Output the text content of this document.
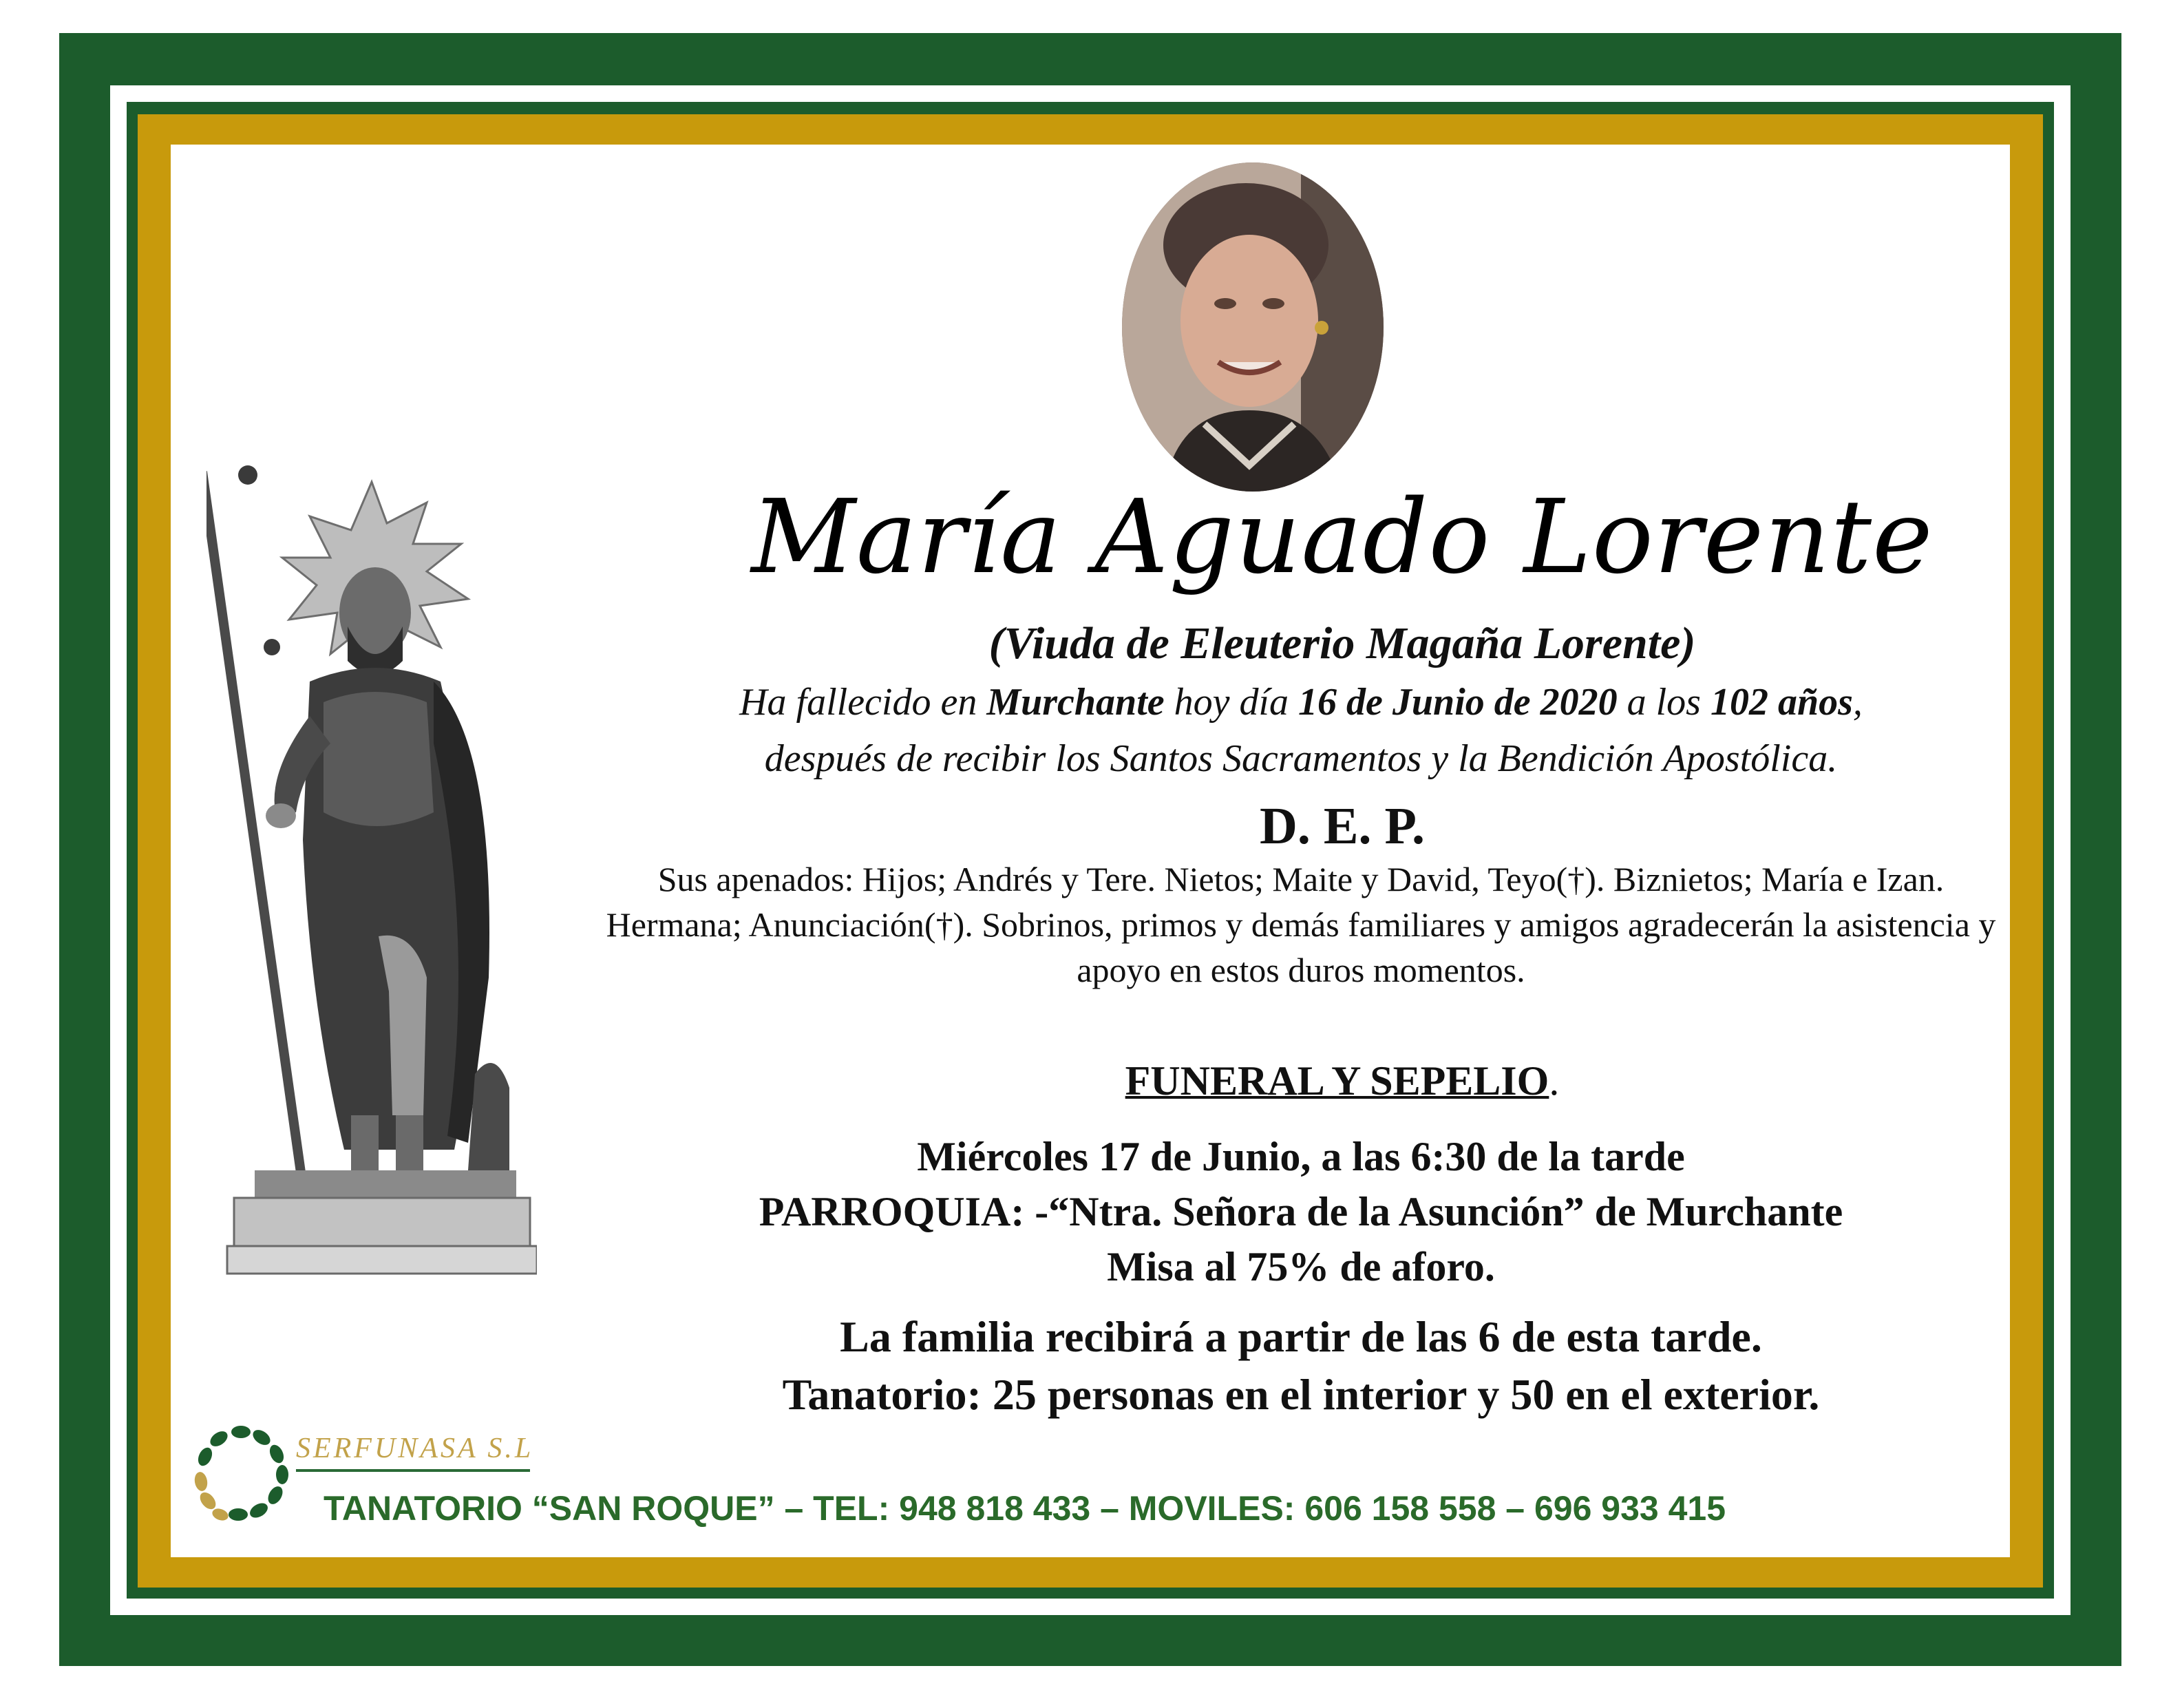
María Aguado Lorente
(Viuda de Eleuterio Magaña Lorente)
Ha fallecido en Murchante hoy día 16 de Junio de 2020 a los 102 años,
después de recibir los Santos Sacramentos y la Bendición Apostólica.
D. E. P.
Sus apenados: Hijos; Andrés y Tere. Nietos; Maite y David, Teyo(†). Biznietos; María e Izan. Hermana; Anunciación(†). Sobrinos, primos y demás familiares y amigos agradecerán la asistencia y apoyo en estos duros momentos.
FUNERAL Y SEPELIO.
Miércoles 17 de Junio, a las 6:30 de la tarde
PARROQUIA: -“Ntra. Señora de la Asunción” de Murchante
Misa al 75% de aforo.
La familia recibirá a partir de las 6 de esta tarde.
Tanatorio: 25 personas en el interior y 50 en el exterior.
SERFUNASA S.L
TANATORIO “SAN ROQUE” – TEL: 948 818 433 – MOVILES: 606 158 558 – 696 933 415
